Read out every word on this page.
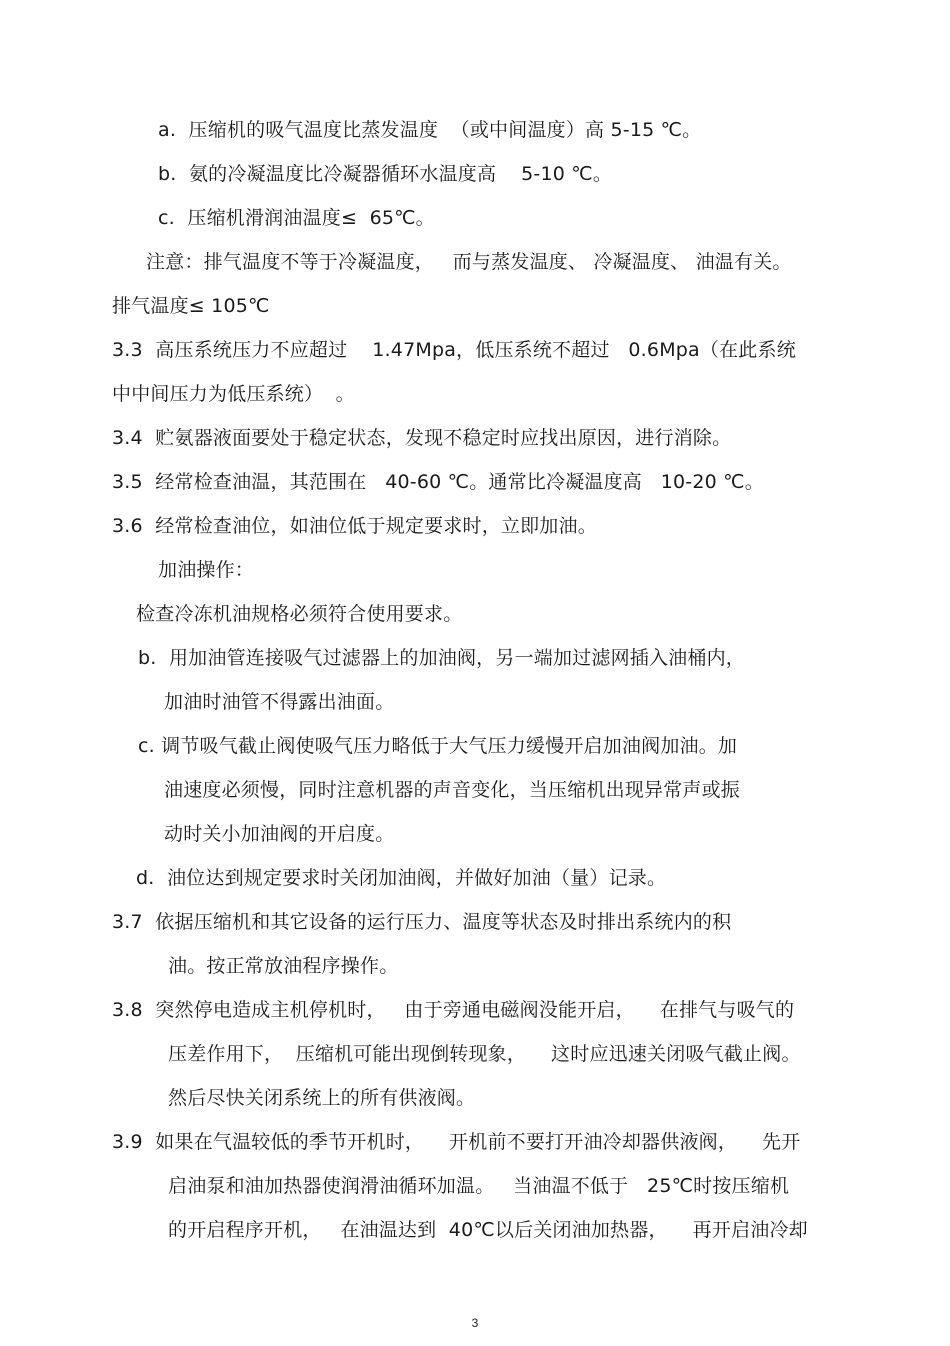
a.  压缩机的吸气温度比蒸发温度  （或中间温度）高 5-15 ℃。
b.  氨的冷凝温度比冷凝器循环水温度高    5-10 ℃。
c.  压缩机滑润油温度≤  65℃。
注意：排气温度不等于冷凝温度，   而与蒸发温度、 冷凝温度、 油温有关。
排气温度≤ 105℃
3.3  高压系统压力不应超过    1.47Mpa，低压系统不超过   0.6Mpa（在此系统
中中间压力为低压系统）  。
3.4  贮氨器液面要处于稳定状态，发现不稳定时应找出原因，进行消除。
3.5  经常检查油温，其范围在   40-60 ℃。通常比冷凝温度高   10-20 ℃。
3.6  经常检查油位，如油位低于规定要求时，立即加油。
加油操作：
检查冷冻机油规格必须符合使用要求。
b.  用加油管连接吸气过滤器上的加油阀，另一端加过滤网插入油桶内，
加油时油管不得露出油面。
c. 调节吸气截止阀使吸气压力略低于大气压力缓慢开启加油阀加油。加
油速度必须慢，同时注意机器的声音变化，当压缩机出现异常声或振
动时关小加油阀的开启度。
d.  油位达到规定要求时关闭加油阀，并做好加油（量）记录。
3.7  依据压缩机和其它设备的运行压力、温度等状态及时排出系统内的积
油。按正常放油程序操作。
3.8  突然停电造成主机停机时，   由于旁通电磁阀没能开启，    在排气与吸气的
压差作用下，  压缩机可能出现倒转现象，    这时应迅速关闭吸气截止阀。
然后尽快关闭系统上的所有供液阀。
3.9  如果在气温较低的季节开机时，    开机前不要打开油冷却器供液阀，    先开
启油泵和油加热器使润滑油循环加温。   当油温不低于   25℃时按压缩机
的开启程序开机，   在油温达到  40℃以后关闭油加热器，    再开启油冷却
3
